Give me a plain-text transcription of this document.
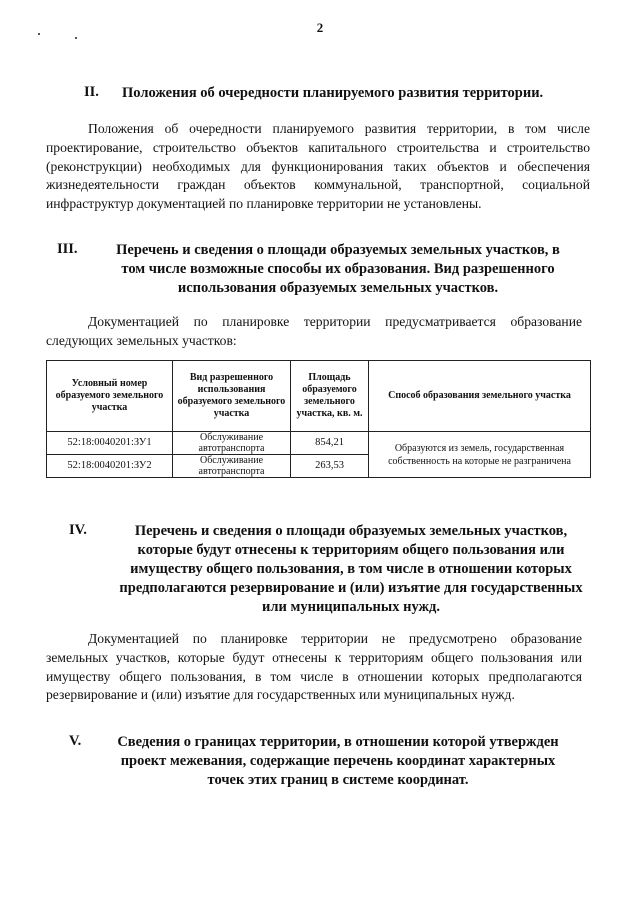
2
II. Положения об очередности планируемого развития территории.
Положения об очередности планируемого развития территории, в том числе проектирование, строительство объектов капитального строительства и строительство (реконструкции) необходимых для функционирования таких объектов и обеспечения жизнедеятельности граждан объектов коммунальной, транспортной, социальной инфраструктур документацией по планировке территории не установлены.
III.	Перечень и сведения о площади образуемых земельных участков, в
том числе возможные способы их образования. Вид разрешенного
использования образуемых земельных участков.
Документацией по планировке территории предусматривается образование следующих земельных участков:
Условный номер образуемого земельного участка	Вид разрешенного использования образуемого земельного участка	Площадь образуемого земельного участка, кв. м.	Способ образования земельного участка
52:18:0040201:ЗУ1	Обслуживание автотранспорта	854,21	Образуются из земель, государственная собственность на которые не разграничена
52:18:0040201:ЗУ2	Обслуживание автотранспорта	263,53	
IV.	Перечень и сведения о площади образуемых земельных участков,
которые будут отнесены к территориям общего пользования или
имуществу общего пользования, в том числе в отношении которых
предполагаются резервирование и (или) изъятие для государственных
или муниципальных нужд.
Документацией по планировке территории не предусмотрено образование земельных участков, которые будут отнесены к территориям общего пользования или имуществу общего пользования, в том числе в отношении которых предполагаются резервирование и (или) изъятие для государственных или муниципальных нужд.
V.	Сведения о границах территории, в отношении которой утвержден
проект межевания, содержащие перечень координат характерных
точек этих границ в системе координат.
